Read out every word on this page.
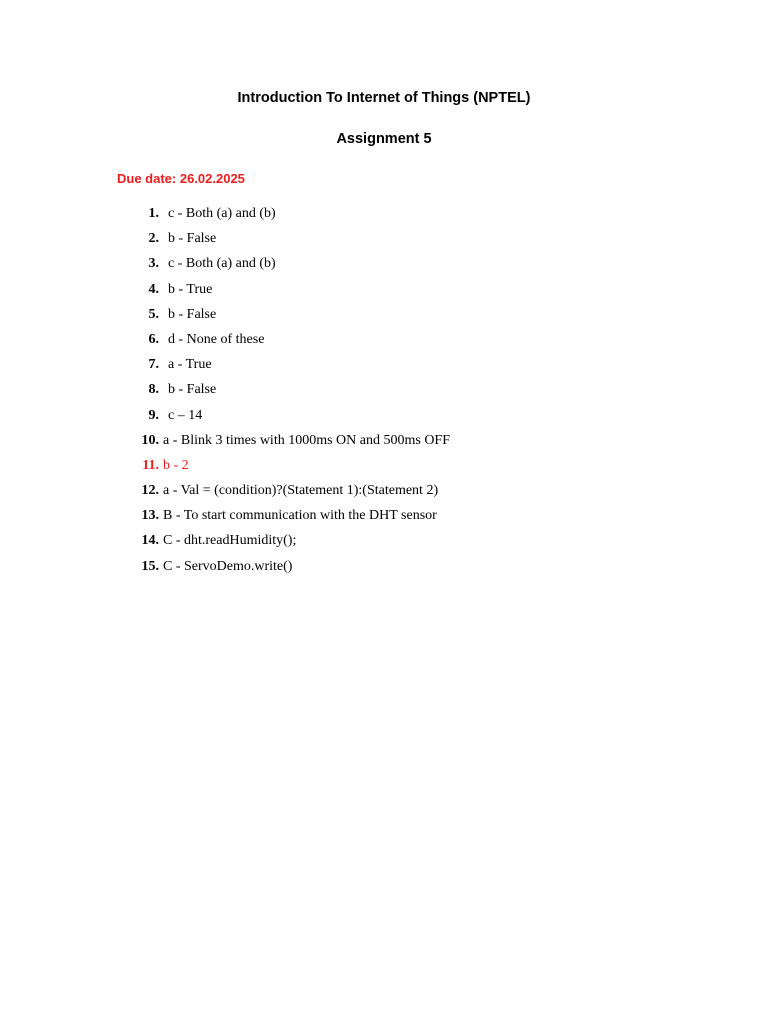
Introduction To Internet of Things (NPTEL)
Assignment 5

Due date: 26.02.2025

1. c - Both (a) and (b)
2. b - False
3. c - Both (a) and (b)
4. b - True
5. b - False
6. d - None of these
7. a - True
8. b - False
9. c – 14
10. a - Blink 3 times with 1000ms ON and 500ms OFF
11. b - 2
12. a - Val = (condition)?(Statement 1):(Statement 2)
13. B - To start communication with the DHT sensor
14. C - dht.readHumidity();
15. C - ServoDemo.write()
